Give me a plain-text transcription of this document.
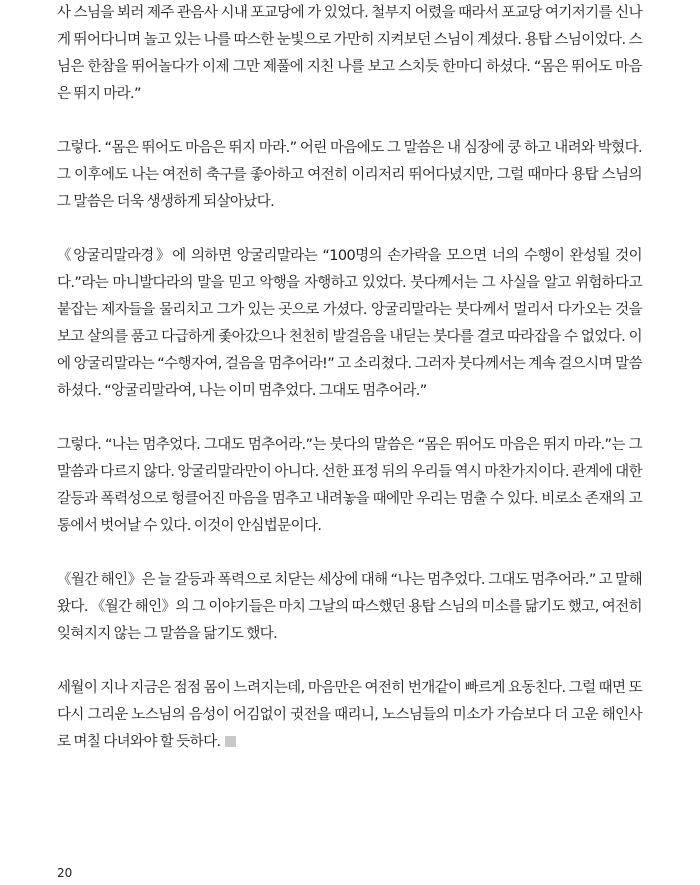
사 스님을 뵈러 제주 관음사 시내 포교당에 가 있었다. 철부지 어렸을 때라서 포교당 여기저기를 신나게 뛰어다니며 놀고 있는 나를 따스한 눈빛으로 가만히 지켜보던 스님이 계셨다. 용탑 스님이었다. 스님은 한참을 뛰어놀다가 이제 그만 제풀에 지친 나를 보고 스치듯 한마디 하셨다. “몸은 뛰어도 마음은 뛰지 마라.”

그렇다. “몸은 뛰어도 마음은 뛰지 마라.” 어린 마음에도 그 말씀은 내 심장에 쿵 하고 내려와 박혔다. 그 이후에도 나는 여전히 축구를 좋아하고 여전히 이리저리 뛰어다녔지만, 그럴 때마다 용탑 스님의 그 말씀은 더욱 생생하게 되살아났다.

《앙굴리말라경》에 의하면 앙굴리말라는 “100명의 손가락을 모으면 너의 수행이 완성될 것이다.”라는 마니발다라의 말을 믿고 악행을 자행하고 있었다. 붓다께서는 그 사실을 알고 위험하다고 붙잡는 제자들을 물리치고 그가 있는 곳으로 가셨다. 앙굴리말라는 붓다께서 멀리서 다가오는 것을 보고 살의를 품고 다급하게 좇아갔으나 천천히 발걸음을 내딛는 붓다를 결코 따라잡을 수 없었다. 이에 앙굴리말라는 “수행자여, 걸음을 멈추어라!” 고 소리쳤다. 그러자 붓다께서는 계속 걸으시며 말씀하셨다. “앙굴리말라여, 나는 이미 멈추었다. 그대도 멈추어라.”

그렇다. “나는 멈추었다. 그대도 멈추어라.”는 붓다의 말씀은 “몸은 뛰어도 마음은 뛰지 마라.”는 그 말씀과 다르지 않다. 앙굴리말라만이 아니다. 선한 표정 뒤의 우리들 역시 마찬가지이다. 관계에 대한 갈등과 폭력성으로 헝클어진 마음을 멈추고 내려놓을 때에만 우리는 멈출 수 있다. 비로소 존재의 고통에서 벗어날 수 있다. 이것이 안심법문이다.

《월간 해인》은 늘 갈등과 폭력으로 치닫는 세상에 대해 “나는 멈추었다. 그대도 멈추어라.” 고 말해왔다. 《월간 해인》의 그 이야기들은 마치 그날의 따스했던 용탑 스님의 미소를 닮기도 했고, 여전히 잊혀지지 않는 그 말씀을 닮기도 했다.

세월이 지나 지금은 점점 몸이 느려지는데, 마음만은 여전히 번개같이 빠르게 요동친다. 그럴 때면 또다시 그리운 노스님의 음성이 어김없이 귓전을 때리니, 노스님들의 미소가 가슴보다 더 고운 해인사로 며칠 다녀와야 할 듯하다.

20
